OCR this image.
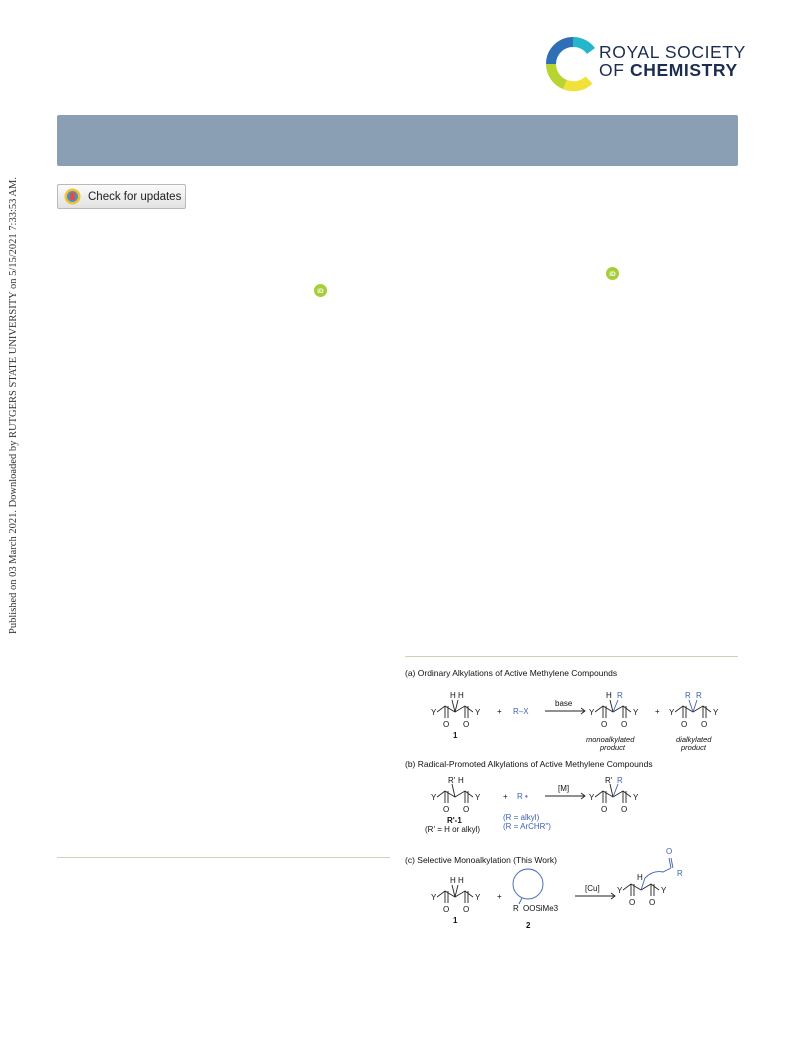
Published on 03 March 2021. Downloaded by RUTGERS STATE UNIVERSITY on 5/15/2021 7:33:53 AM.
ROYAL SOCIETY
OF CHEMISTRY
Check for updates
iD
iD
(a) Ordinary Alkylations of Active Methylene Compounds
(b) Radical-Promoted Alkylations of Active Methylene Compounds
(c) Selective Monoalkylation (This Work)
H H
Y	Y
O O
1
+ R–X
base
H R
Y	Y
O O
monoalkylated
product
+
R R
Y	Y
O O
dialkylated
product
R' H
Y	Y
O O
R'-1
(R' = H or alkyl)
+ R •
(R = alkyl)
(R = ArCHR")
[M]
R' R
Y	Y
O O
H H
Y	Y
O O
1
+
R OOSiMe3
2
[Cu]
H
Y	Y
O O
O
R
